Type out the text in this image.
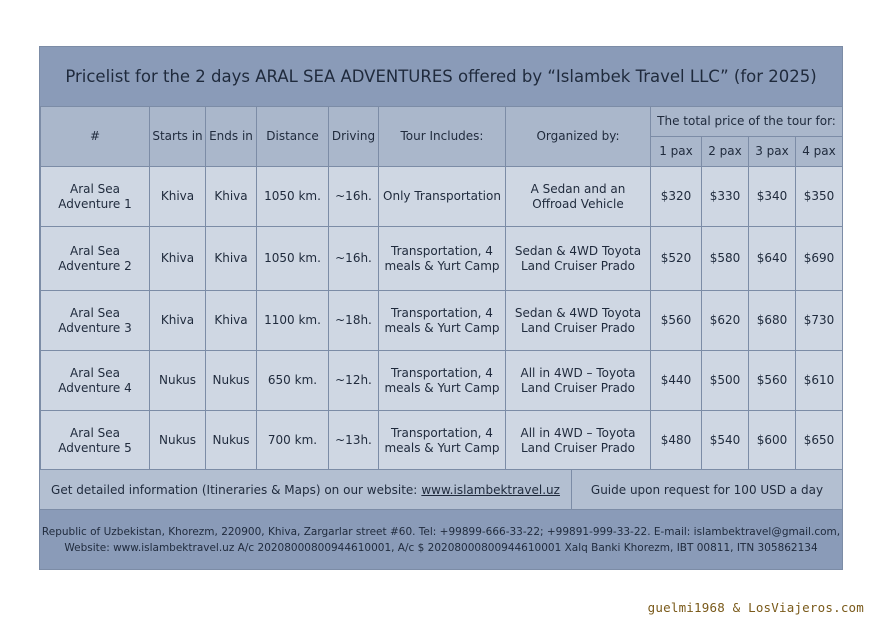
Pricelist for the 2 days ARAL SEA ADVENTURES offered by “Islambek Travel LLC” (for 2025)
#	Starts in	Ends in	Distance	Driving	Tour Includes:	Organized by:	The total price of the tour for:			
							1 pax	2 pax	3 pax	4 pax
Aral Sea Adventure 1	Khiva	Khiva	1050 km.	~16h.	Only Transportation	A Sedan and an Offroad Vehicle	$320	$330	$340	$350
Aral Sea Adventure 2	Khiva	Khiva	1050 km.	~16h.	Transportation, 4 meals & Yurt Camp	Sedan & 4WD Toyota Land Cruiser Prado	$520	$580	$640	$690
Aral Sea Adventure 3	Khiva	Khiva	1100 km.	~18h.	Transportation, 4 meals & Yurt Camp	Sedan & 4WD Toyota Land Cruiser Prado	$560	$620	$680	$730
Aral Sea Adventure 4	Nukus	Nukus	650 km.	~12h.	Transportation, 4 meals & Yurt Camp	All in 4WD – Toyota Land Cruiser Prado	$440	$500	$560	$610
Aral Sea Adventure 5	Nukus	Nukus	700 km.	~13h.	Transportation, 4 meals & Yurt Camp	All in 4WD – Toyota Land Cruiser Prado	$480	$540	$600	$650
Get detailed information (Itineraries & Maps) on our website: www.islambektravel.uz	Guide upon request for 100 USD a day
Republic of Uzbekistan, Khorezm, 220900, Khiva, Zargarlar street #60. Tel: +99899-666-33-22; +99891-999-33-22. E-mail: islambektravel@gmail.com,
Website: www.islambektravel.uz A/c 20208000800944610001, A/c $ 20208000800944610001 Xalq Banki Khorezm, IBT 00811, ITN 305862134
guelmi1968 & LosViajeros.com
